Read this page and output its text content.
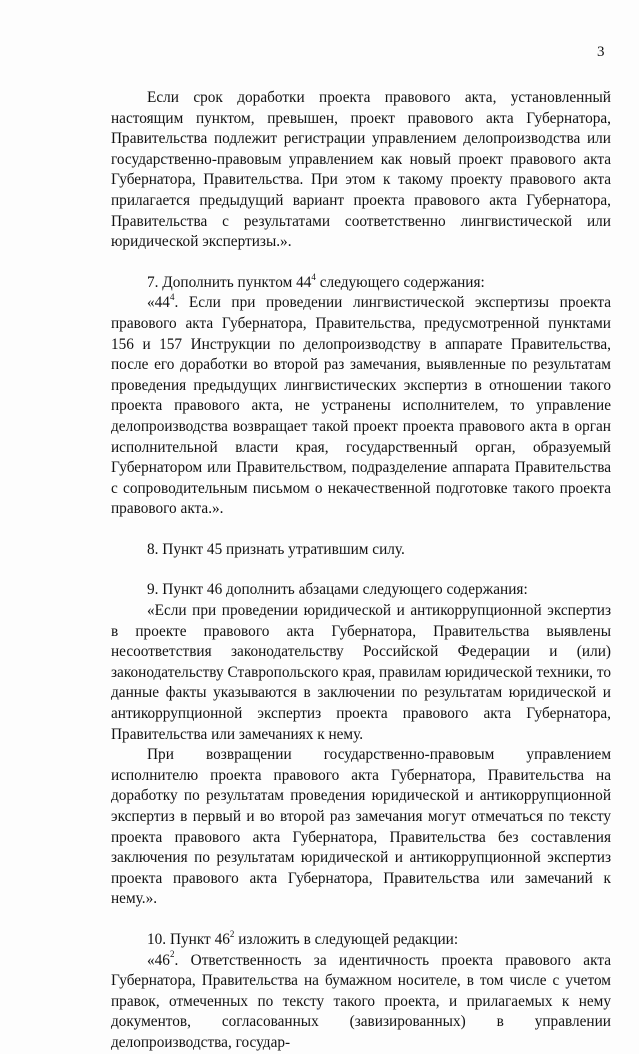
3

Если срок доработки проекта правового акта, установленный настоящим пунктом, превышен, проект правового акта Губернатора, Правительства подлежит регистрации управлением делопроизводства или государственно-правовым управлением как новый проект правового акта Губернатора, Правительства. При этом к такому проекту правового акта прилагается предыдущий вариант проекта правового акта Губернатора, Правительства с результатами соответственно лингвистической или юридической экспертизы.».

7. Дополнить пунктом $44^4$ следующего содержания:

«$44^4$. Если при проведении лингвистической экспертизы проекта правового акта Губернатора, Правительства, предусмотренной пунктами 156 и 157 Инструкции по делопроизводству в аппарате Правительства, после его доработки во второй раз замечания, выявленные по результатам проведения предыдущих лингвистических экспертиз в отношении такого проекта правового акта, не устранены исполнителем, то управление делопроизводства возвращает такой проект проекта правового акта в орган исполнительной власти края, государственный орган, образуемый Губернатором или Правительством, подразделение аппарата Правительства с сопроводительным письмом о некачественной подготовке такого проекта правового акта.».

8. Пункт 45 признать утратившим силу.

9. Пункт 46 дополнить абзацами следующего содержания:

«Если при проведении юридической и антикоррупционной экспертиз в проекте правового акта Губернатора, Правительства выявлены несоответствия законодательству Российской Федерации и (или) законодательству Ставропольского края, правилам юридической техники, то данные факты указываются в заключении по результатам юридической и антикоррупционной экспертиз проекта правового акта Губернатора, Правительства или замечаниях к нему.

При возвращении государственно-правовым управлением исполнителю проекта правового акта Губернатора, Правительства на доработку по результатам проведения юридической и антикоррупционной экспертиз в первый и во второй раз замечания могут отмечаться по тексту проекта правового акта Губернатора, Правительства без составления заключения по результатам юридической и антикоррупционной экспертиз проекта правового акта Губернатора, Правительства или замечаний к нему.».

10. Пункт $46^2$ изложить в следующей редакции:

«$46^2$. Ответственность за идентичность проекта правового акта Губернатора, Правительства на бумажном носителе, в том числе с учетом правок, отмеченных по тексту такого проекта, и прилагаемых к нему документов, согласованных (завизированных) в управлении делопроизводства, государ-
